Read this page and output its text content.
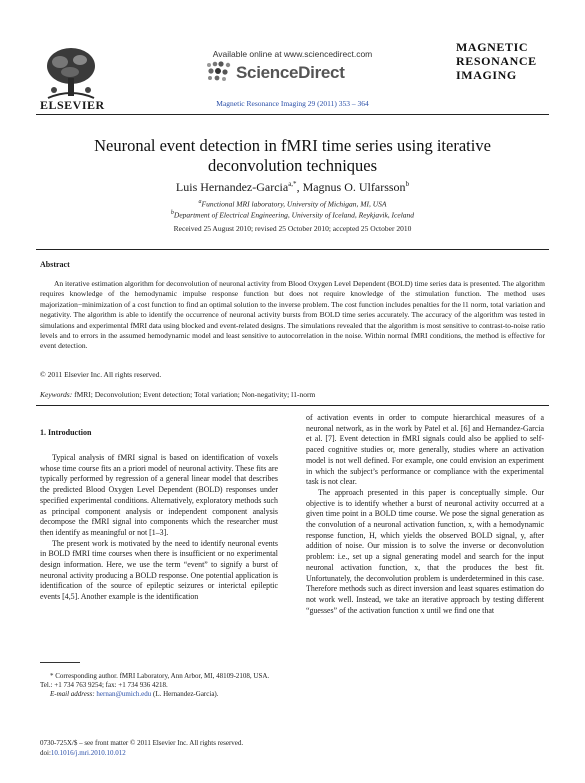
ELSEVIER
Available online at www.sciencedirect.com
ScienceDirect
Magnetic Resonance Imaging 29 (2011) 353 – 364
MAGNETIC
RESONANCE
IMAGING
Neuronal event detection in fMRI time series using iterative
deconvolution techniques
Luis Hernandez-Garcia$^{a,*}$, Magnus O. Ulfarsson$^b$
$^a$Functional MRI laboratory, University of Michigan, MI, USA
$^b$Department of Electrical Engineering, University of Iceland, Reykjavik, Iceland
Received 25 August 2010; revised 25 October 2010; accepted 25 October 2010
Abstract
An iterative estimation algorithm for deconvolution of neuronal activity from Blood Oxygen Level Dependent (BOLD) time series data is presented. The algorithm requires knowledge of the hemodynamic impulse response function but does not require knowledge of the stimulation function. The method uses majorization−minimization of a cost function to find an optimal solution to the inverse problem. The cost function includes penalties for the l1 norm, total variation and negativity. The algorithm is able to identify the occurrence of neuronal activity bursts from BOLD time series accurately. The accuracy of the algorithm was tested in simulations and experimental fMRI data using blocked and event-related designs. The simulations revealed that the algorithm is most sensitive to contrast-to-noise ratio levels and to errors in the assumed hemodynamic model and least sensitive to autocorrelation in the noise. Within normal fMRI conditions, the method is effective for event detection.
© 2011 Elsevier Inc. All rights reserved.
Keywords: fMRI; Deconvolution; Event detection; Total variation; Non-negativity; l1-norm
1. Introduction

Typical analysis of fMRI signal is based on identification of voxels whose time course fits an a priori model of neuronal activity. These fits are typically performed by regression of a general linear model that describes the predicted Blood Oxygen Level Dependent (BOLD) responses under specified experimental conditions. Alternatively, exploratory methods such as principal component analysis or independent component analysis decompose the fMRI signal into components which the researcher must then identify as meaningful or not [1–3].

The present work is motivated by the need to identify neuronal events in BOLD fMRI time courses when there is insufficient or no experimental design information. Here, we use the term “event” to signify a burst of neuronal activity producing a BOLD response. One potential application is identification of the source of epileptic seizures or interictal epileptic events [4,5]. Another example is the identification

of activation events in order to compute hierarchical measures of a neuronal network, as in the work by Patel et al. [6] and Hernandez-Garcia et al. [7]. Event detection in fMRI signals could also be applied to self-paced cognitive studies or, more generally, studies where an activation model is not well defined. For example, one could envision an experiment in which the subject’s performance or compliance with the experimental task is not clear.

The approach presented in this paper is conceptually simple. Our objective is to identify whether a burst of neuronal activity occurred at a given time point in a BOLD time course. We pose the signal generation as the convolution of a neuronal activation function, x, with a hemodynamic response function, H, which yields the observed BOLD signal, y, after addition of noise. Our mission is to solve the inverse or deconvolution problem: i.e., set up a signal generating model and search for the input neuronal activation function, x, that the produces the best fit. Unfortunately, the deconvolution problem is underdetermined in this case. Therefore methods such as direct inversion and least squares estimation do not work well. Instead, we take an iterative approach by testing different “guesses” of the activation function x until we find one that

* Corresponding author. fMRI Laboratory, Ann Arbor, MI, 48109-2108, USA. Tel.: +1 734 763 9254; fax: +1 734 936 4218.
E-mail address: hernan@umich.edu (L. Hernandez-Garcia).
0730-725X/$ – see front matter © 2011 Elsevier Inc. All rights reserved.
doi:10.1016/j.mri.2010.10.012
